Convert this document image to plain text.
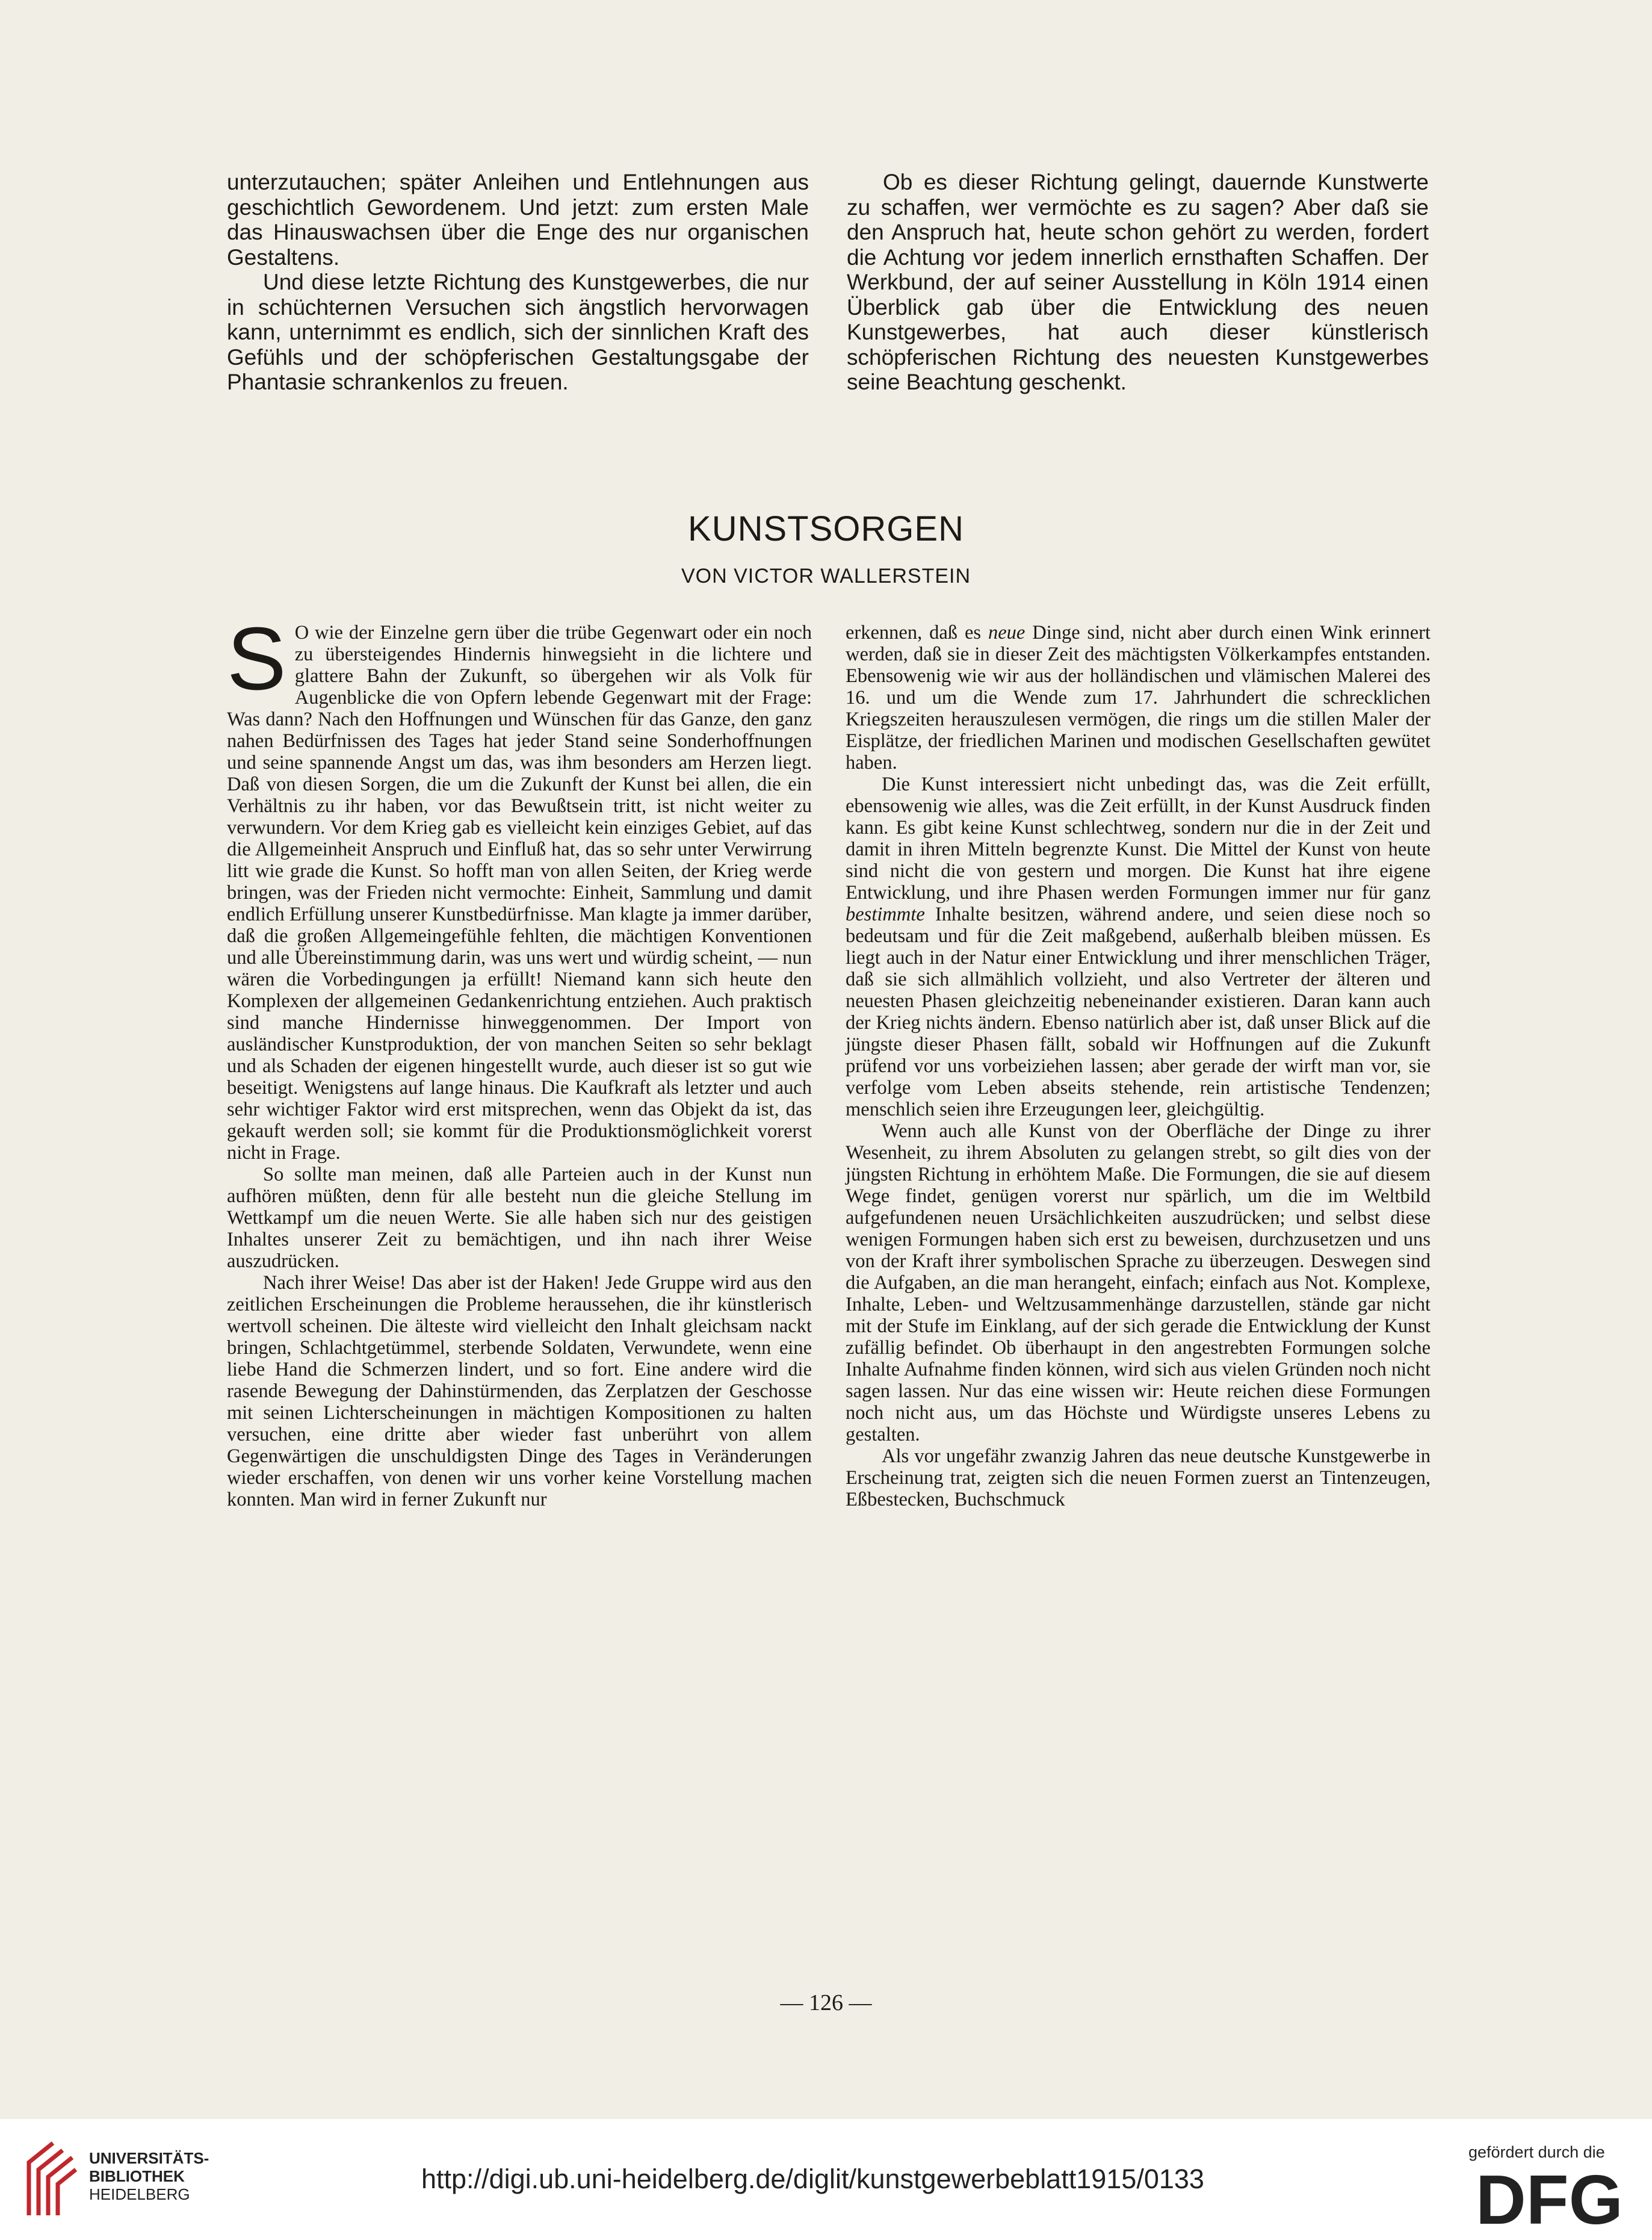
unterzutauchen; später Anleihen und Entlehnungen aus geschichtlich Gewordenem. Und jetzt: zum ersten Male das Hinauswachsen über die Enge des nur organischen Gestaltens.

Und diese letzte Richtung des Kunstgewerbes, die nur in schüchternen Versuchen sich ängstlich hervorwagen kann, unternimmt es endlich, sich der sinnlichen Kraft des Gefühls und der schöpferischen Gestaltungsgabe der Phantasie schrankenlos zu freuen.

Ob es dieser Richtung gelingt, dauernde Kunstwerte zu schaffen, wer vermöchte es zu sagen? Aber daß sie den Anspruch hat, heute schon gehört zu werden, fordert die Achtung vor jedem innerlich ernsthaften Schaffen. Der Werkbund, der auf seiner Ausstellung in Köln 1914 einen Überblick gab über die Entwicklung des neuen Kunstgewerbes, hat auch dieser künstlerisch schöpferischen Richtung des neuesten Kunstgewerbes seine Beachtung geschenkt.

KUNSTSORGEN
VON VICTOR WALLERSTEIN

S O wie der Einzelne gern über die trübe Gegenwart oder ein noch zu übersteigendes Hindernis hinwegsieht in die lichtere und glattere Bahn der Zukunft, so übergehen wir als Volk für Augenblicke die von Opfern lebende Gegenwart mit der Frage: Was dann? Nach den Hoffnungen und Wünschen für das Ganze, den ganz nahen Bedürfnissen des Tages hat jeder Stand seine Sonderhoffnungen und seine spannende Angst um das, was ihm besonders am Herzen liegt. Daß von diesen Sorgen, die um die Zukunft der Kunst bei allen, die ein Verhältnis zu ihr haben, vor das Bewußtsein tritt, ist nicht weiter zu verwundern. Vor dem Krieg gab es vielleicht kein einziges Gebiet, auf das die Allgemeinheit Anspruch und Einfluß hat, das so sehr unter Verwirrung litt wie grade die Kunst. So hofft man von allen Seiten, der Krieg werde bringen, was der Frieden nicht vermochte: Einheit, Sammlung und damit endlich Erfüllung unserer Kunstbedürfnisse. Man klagte ja immer darüber, daß die großen Allgemeingefühle fehlten, die mächtigen Konventionen und alle Übereinstimmung darin, was uns wert und würdig scheint, — nun wären die Vorbedingungen ja erfüllt! Niemand kann sich heute den Komplexen der allgemeinen Gedankenrichtung entziehen. Auch praktisch sind manche Hindernisse hinweggenommen. Der Import von ausländischer Kunstproduktion, der von manchen Seiten so sehr beklagt und als Schaden der eigenen hingestellt wurde, auch dieser ist so gut wie beseitigt. Wenigstens auf lange hinaus. Die Kaufkraft als letzter und auch sehr wichtiger Faktor wird erst mitsprechen, wenn das Objekt da ist, das gekauft werden soll; sie kommt für die Produktionsmöglichkeit vorerst nicht in Frage.

So sollte man meinen, daß alle Parteien auch in der Kunst nun aufhören müßten, denn für alle besteht nun die gleiche Stellung im Wettkampf um die neuen Werte. Sie alle haben sich nur des geistigen Inhaltes unserer Zeit zu bemächtigen, und ihn nach ihrer Weise auszudrücken.

Nach ihrer Weise! Das aber ist der Haken! Jede Gruppe wird aus den zeitlichen Erscheinungen die Probleme heraussehen, die ihr künstlerisch wertvoll scheinen. Die älteste wird vielleicht den Inhalt gleichsam nackt bringen, Schlachtgetümmel, sterbende Soldaten, Verwundete, wenn eine liebe Hand die Schmerzen lindert, und so fort. Eine andere wird die rasende Bewegung der Dahinstürmenden, das Zerplatzen der Geschosse mit seinen Lichterscheinungen in mächtigen Kompositionen zu halten versuchen, eine dritte aber wieder fast unberührt von allem Gegenwärtigen die unschuldigsten Dinge des Tages in Veränderungen wieder erschaffen, von denen wir uns vorher keine Vorstellung machen konnten. Man wird in ferner Zukunft nur

erkennen, daß es neue Dinge sind, nicht aber durch einen Wink erinnert werden, daß sie in dieser Zeit des mächtigsten Völkerkampfes entstanden. Ebensowenig wie wir aus der holländischen und vlämischen Malerei des 16. und um die Wende zum 17. Jahrhundert die schrecklichen Kriegszeiten herauszulesen vermögen, die rings um die stillen Maler der Eisplätze, der friedlichen Marinen und modischen Gesellschaften gewütet haben.

Die Kunst interessiert nicht unbedingt das, was die Zeit erfüllt, ebensowenig wie alles, was die Zeit erfüllt, in der Kunst Ausdruck finden kann. Es gibt keine Kunst schlechtweg, sondern nur die in der Zeit und damit in ihren Mitteln begrenzte Kunst. Die Mittel der Kunst von heute sind nicht die von gestern und morgen. Die Kunst hat ihre eigene Entwicklung, und ihre Phasen werden Formungen immer nur für ganz bestimmte Inhalte besitzen, während andere, und seien diese noch so bedeutsam und für die Zeit maßgebend, außerhalb bleiben müssen. Es liegt auch in der Natur einer Entwicklung und ihrer menschlichen Träger, daß sie sich allmählich vollzieht, und also Vertreter der älteren und neuesten Phasen gleichzeitig nebeneinander existieren. Daran kann auch der Krieg nichts ändern. Ebenso natürlich aber ist, daß unser Blick auf die jüngste dieser Phasen fällt, sobald wir Hoffnungen auf die Zukunft prüfend vor uns vorbeiziehen lassen; aber gerade der wirft man vor, sie verfolge vom Leben abseits stehende, rein artistische Tendenzen; menschlich seien ihre Erzeugungen leer, gleichgültig.

Wenn auch alle Kunst von der Oberfläche der Dinge zu ihrer Wesenheit, zu ihrem Absoluten zu gelangen strebt, so gilt dies von der jüngsten Richtung in erhöhtem Maße. Die Formungen, die sie auf diesem Wege findet, genügen vorerst nur spärlich, um die im Weltbild aufgefundenen neuen Ursächlichkeiten auszudrücken; und selbst diese wenigen Formungen haben sich erst zu beweisen, durchzusetzen und uns von der Kraft ihrer symbolischen Sprache zu überzeugen. Deswegen sind die Aufgaben, an die man herangeht, einfach; einfach aus Not. Komplexe, Inhalte, Leben- und Weltzusammenhänge darzustellen, stände gar nicht mit der Stufe im Einklang, auf der sich gerade die Entwicklung der Kunst zufällig befindet. Ob überhaupt in den angestrebten Formungen solche Inhalte Aufnahme finden können, wird sich aus vielen Gründen noch nicht sagen lassen. Nur das eine wissen wir: Heute reichen diese Formungen noch nicht aus, um das Höchste und Würdigste unseres Lebens zu gestalten.

Als vor ungefähr zwanzig Jahren das neue deutsche Kunstgewerbe in Erscheinung trat, zeigten sich die neuen Formen zuerst an Tintenzeugen, Eßbestecken, Buchschmuck

— 126 —
UNIVERSITÄTS-
BIBLIOTHEK
HEIDELBERG	http://digi.ub.uni-heidelberg.de/diglit/kunstgewerbeblatt1915/0133
gefördert durch die
DFG
